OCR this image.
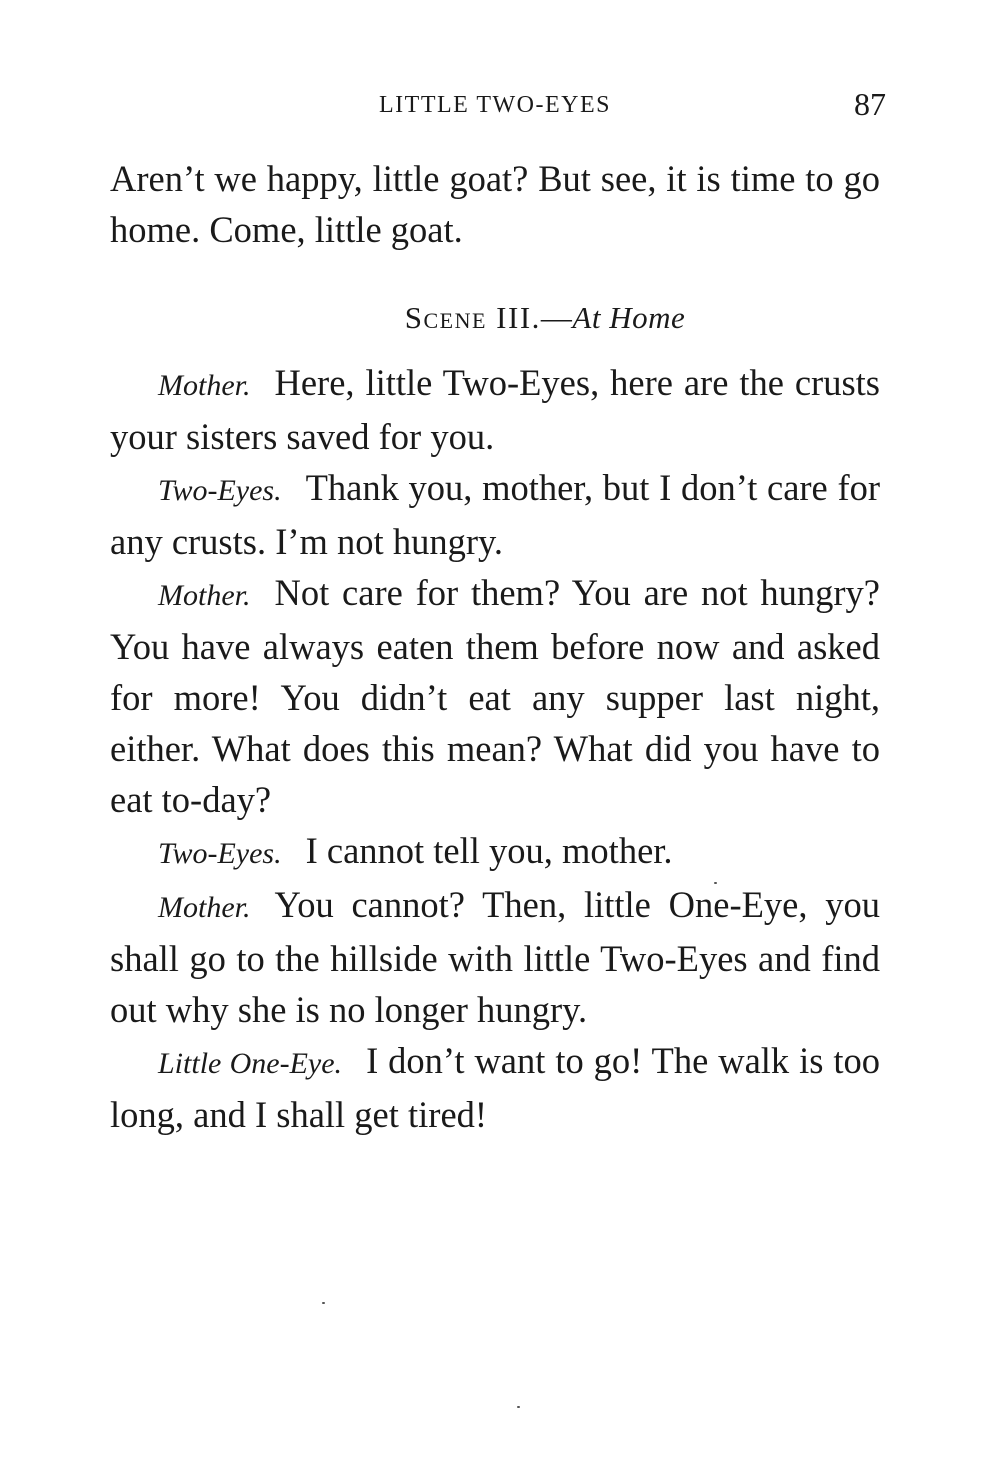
LITTLE TWO-EYES	87

Aren’t we happy, little goat? But see, it is time to go home. Come, little goat.

Scene III.—At Home

Mother. Here, little Two-Eyes, here are the crusts your sisters saved for you.

Two-Eyes. Thank you, mother, but I don’t care for any crusts. I’m not hungry.

Mother. Not care for them? You are not hungry? You have always eaten them before now and asked for more! You didn’t eat any supper last night, either. What does this mean? What did you have to eat to-day?

Two-Eyes. I cannot tell you, mother.

Mother. You cannot? Then, little One-Eye, you shall go to the hillside with little Two-Eyes and find out why she is no longer hungry.

Little One-Eye. I don’t want to go! The walk is too long, and I shall get tired!
